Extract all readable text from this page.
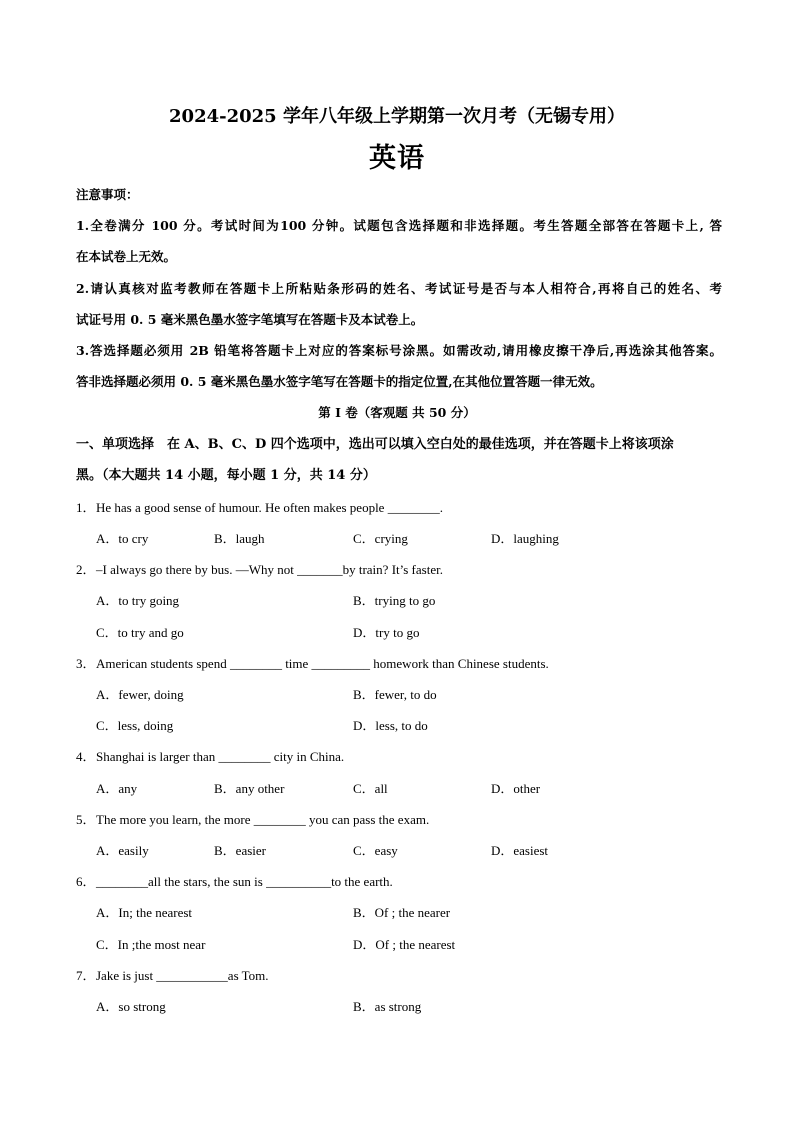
2024-2025 学年八年级上学期第一次月考（无锡专用）
英语
注意事项：
1.全卷满分 100 分。考试时间为100 分钟。试题包含选择题和非选择题。考生答题全部答在答题卡上, 答
在本试卷上无效。
2.请认真核对监考教师在答题卡上所粘贴条形码的姓名、考试证号是否与本人相符合,再将自己的姓名、考
试证号用 0. 5 毫米黑色墨水签字笔填写在答题卡及本试卷上。
3.答选择题必须用 2B 铅笔将答题卡上对应的答案标号涂黑。如需改动,请用橡皮擦干净后,再选涂其他答案。
答非选择题必须用 0. 5 毫米黑色墨水签字笔写在答题卡的指定位置,在其他位置答题一律无效。
第 I 卷（客观题 共 50 分）
一、单项选择　在 A、B、C、D 四个选项中，选出可以填入空白处的最佳选项，并在答题卡上将该项涂
黑。（本大题共 14 小题，每小题 1 分，共 14 分）
1．He has a good sense of humour. He often makes people ________.
A．to cry	B．laugh	C．crying	D．laughing
2．–I always go there by bus. —Why not _______by train? It’s faster.
A．to try going	B．trying to go
C．to try and go	D．try to go
3．American students spend ________ time _________ homework than Chinese students.
A．fewer, doing	B．fewer, to do
C．less, doing	D．less, to do
4．Shanghai is larger than ________ city in China.
A．any	B．any other	C．all	D．other
5．The more you learn, the more ________ you can pass the exam.
A．easily	B．easier	C．easy	D．easiest
6．________all the stars, the sun is __________to the earth.
A．In; the nearest	B．Of ; the nearer
C．In ;the most near	D．Of ; the nearest
7．Jake is just ___________as Tom.
A．so strong	B．as strong
